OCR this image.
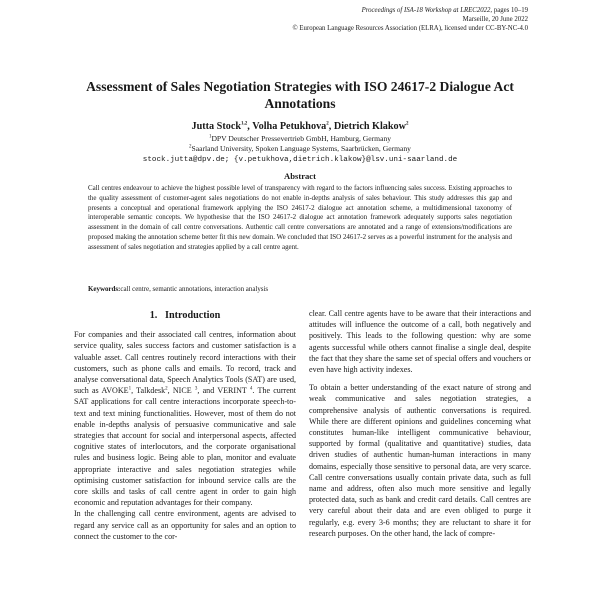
Proceedings of ISA-18 Workshop at LREC2022, pages 10–19
Marseille, 20 June 2022
© European Language Resources Association (ELRA), licensed under CC-BY-NC-4.0
Assessment of Sales Negotiation Strategies with ISO 24617-2 Dialogue Act Annotations
Jutta Stock$^{1,2}$, Volha Petukhova$^2$, Dietrich Klakow$^2$
$^1$DPV Deutscher Pressevertrieb GmbH, Hamburg, Germany
$^2$Saarland University, Spoken Language Systems, Saarbrücken, Germany
stock.jutta@dpv.de; {v.petukhova,dietrich.klakow}@lsv.uni-saarland.de
Abstract
Call centres endeavour to achieve the highest possible level of transparency with regard to the factors influencing sales success. Existing approaches to the quality assessment of customer-agent sales negotiations do not enable in-depths analysis of sales behaviour. This study addresses this gap and presents a conceptual and operational framework applying the ISO 24617-2 dialogue act annotation scheme, a multidimensional taxonomy of interoperable semantic concepts. We hypothesise that the ISO 24617-2 dialogue act annotation framework adequately supports sales negotiation assessment in the domain of call centre conversations. Authentic call centre conversations are annotated and a range of extensions/modifications are proposed making the annotation scheme better fit this new domain. We concluded that ISO 24617-2 serves as a powerful instrument for the analysis and assessment of sales negotiation and strategies applied by a call centre agent.
Keywords:call centre, semantic annotations, interaction analysis
1. Introduction

For companies and their associated call centres, information about service quality, sales success factors and customer satisfaction is a valuable asset. Call centres routinely record interactions with their customers, such as phone calls and emails. To record, track and analyse conversational data, Speech Analytics Tools (SAT) are used, such as AVOKE$^1$, Talkdesk$^2$, NICE $^3$, and VERINT $^4$. The current SAT applications for call centre interactions incorporate speech-to-text and text mining functionalities. However, most of them do not enable in-depths analysis of persuasive communicative and sale strategies that account for social and interpersonal aspects, affected cognitive states of interlocutors, and the corporate organisational rules and business logic. Being able to plan, monitor and evaluate appropriate interactive and sales negotiation strategies while optimising customer satisfaction for inbound service calls are the core skills and tasks of call centre agent in order to gain high economic and reputation advantages for their company.

In the challenging call centre environment, agents are advised to regard any service call as an opportunity for sales and an option to connect the customer to the cor-

clear. Call centre agents have to be aware that their interactions and attitudes will influence the outcome of a call, both negatively and positively. This leads to the following question: why are some agents successful while others cannot finalise a single deal, despite the fact that they share the same set of special offers and vouchers or even have high activity indexes.

To obtain a better understanding of the exact nature of strong and weak communicative and sales negotiation strategies, a comprehensive analysis of authentic conversations is required. While there are different opinions and guidelines concerning what constitutes human-like intelligent communicative behaviour, supported by formal (qualitative and quantitative) studies, data driven studies of authentic human-human interactions in many domains, especially those sensitive to personal data, are very scarce. Call centre conversations usually contain private data, such as full name and address, often also much more sensitive and legally protected data, such as bank and credit card details. Call centres are very careful about their data and are even obliged to purge it regularly, e.g. every 3-6 months; they are reluctant to share it for research purposes. On the other hand, the lack of compre-
